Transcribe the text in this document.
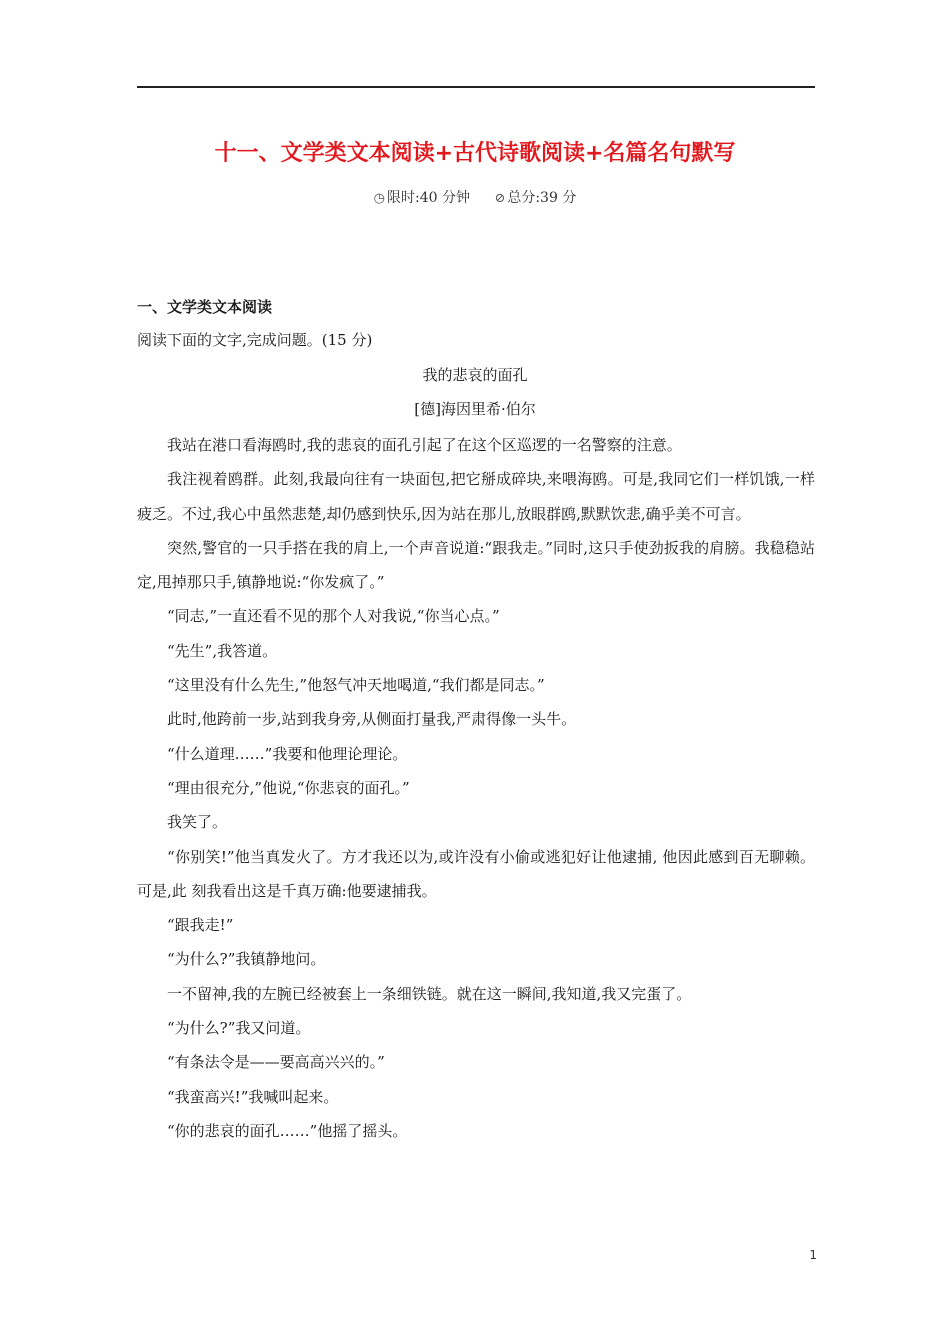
十一、文学类文本阅读+古代诗歌阅读+名篇名句默写
◷ 限时:40 分钟 ⊘ 总分:39 分
一、文学类文本阅读
阅读下面的文字,完成问题。(15 分)
我的悲哀的面孔
[德]海因里希·伯尔

我站在港口看海鸥时,我的悲哀的面孔引起了在这个区巡逻的一名警察的注意。

我注视着鸥群。此刻,我最向往有一块面包,把它掰成碎块,来喂海鸥。可是,我同它们一样饥饿,一样疲乏。不过,我心中虽然悲楚,却仍感到快乐,因为站在那儿,放眼群鸥,默默饮悲,确乎美不可言。

突然,警官的一只手搭在我的肩上,一个声音说道:“跟我走。”同时,这只手使劲扳我的肩膀。我稳稳站定,甩掉那只手,镇静地说:“你发疯了。”

“同志,”一直还看不见的那个人对我说,“你当心点。”

“先生”,我答道。

“这里没有什么先生,”他怒气冲天地喝道,“我们都是同志。”

此时,他跨前一步,站到我身旁,从侧面打量我,严肃得像一头牛。

“什么道理……”我要和他理论理论。

“理由很充分,”他说,“你悲哀的面孔。”

我笑了。

“你别笑!”他当真发火了。方才我还以为,或许没有小偷或逃犯好让他逮捕, 他因此感到百无聊赖。可是,此 刻我看出这是千真万确:他要逮捕我。

“跟我走!”

“为什么?”我镇静地问。

一不留神,我的左腕已经被套上一条细铁链。就在这一瞬间,我知道,我又完蛋了。

“为什么?”我又问道。

“有条法令是——要高高兴兴的。”

“我蛮高兴!”我喊叫起来。

“你的悲哀的面孔……”他摇了摇头。

1
